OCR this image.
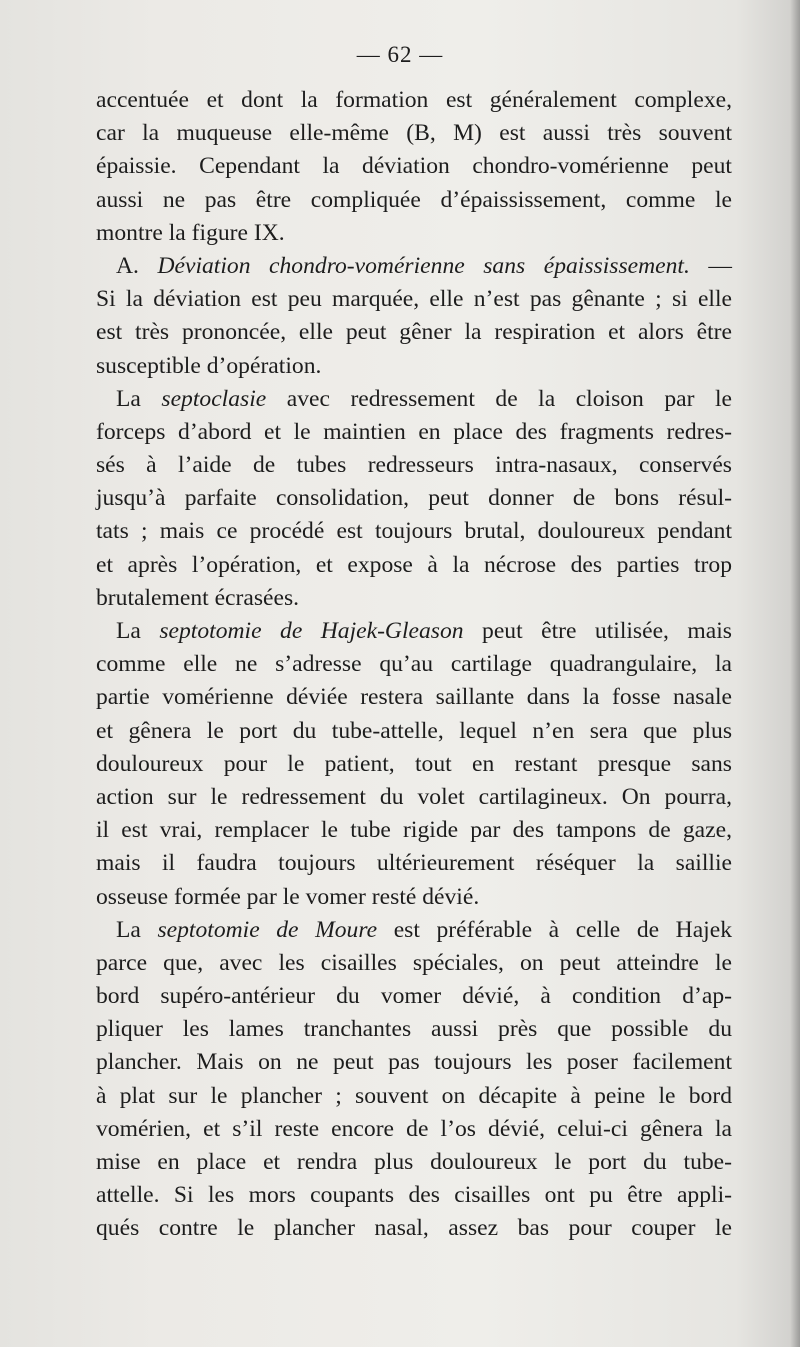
— 62 —
accentuée et dont la formation est généralement complexe,
car la muqueuse elle-même (B, M) est aussi très souvent
épaissie. Cependant la déviation chondro-vomérienne peut
aussi ne pas être compliquée d’épaississement, comme le
montre la figure IX.
A. Déviation chondro-vomérienne sans épaississement. —
Si la déviation est peu marquée, elle n’est pas gênante ; si elle
est très prononcée, elle peut gêner la respiration et alors être
susceptible d’opération.
La septoclasie avec redressement de la cloison par le
forceps d’abord et le maintien en place des fragments redres-
sés à l’aide de tubes redresseurs intra-nasaux, conservés
jusqu’à parfaite consolidation, peut donner de bons résul-
tats ; mais ce procédé est toujours brutal, douloureux pendant
et après l’opération, et expose à la nécrose des parties trop
brutalement écrasées.
La septotomie de Hajek-Gleason peut être utilisée, mais
comme elle ne s’adresse qu’au cartilage quadrangulaire, la
partie vomérienne déviée restera saillante dans la fosse nasale
et gênera le port du tube-attelle, lequel n’en sera que plus
douloureux pour le patient, tout en restant presque sans
action sur le redressement du volet cartilagineux. On pourra,
il est vrai, remplacer le tube rigide par des tampons de gaze,
mais il faudra toujours ultérieurement réséquer la saillie
osseuse formée par le vomer resté dévié.
La septotomie de Moure est préférable à celle de Hajek
parce que, avec les cisailles spéciales, on peut atteindre le
bord supéro-antérieur du vomer dévié, à condition d’ap-
pliquer les lames tranchantes aussi près que possible du
plancher. Mais on ne peut pas toujours les poser facilement
à plat sur le plancher ; souvent on décapite à peine le bord
vomérien, et s’il reste encore de l’os dévié, celui-ci gênera la
mise en place et rendra plus douloureux le port du tube-
attelle. Si les mors coupants des cisailles ont pu être appli-
qués contre le plancher nasal, assez bas pour couper le
